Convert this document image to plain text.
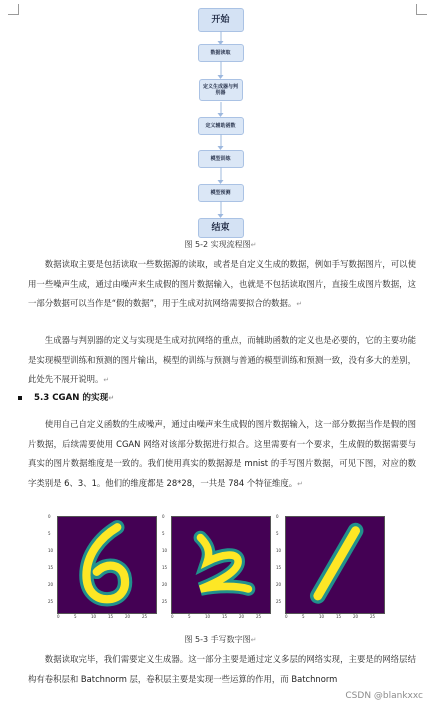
开始
数据读取
定义生成器与判别器
定义辅助函数
模型训练
模型预测
结束
图 5-2 实现流程图↵

数据读取主要是包括读取一些数据源的读取，或者是自定义生成的数据，例如手写数据图片，可以使用一些噪声生成，通过由噪声来生成假的图片数据输入，也就是不包括读取图片，直接生成图片数据，这一部分数据可以当作是“假的数据”，用于生成对抗网络需要拟合的数据。↵

生成器与判别器的定义与实现是生成对抗网络的重点，而辅助函数的定义也是必要的，它的主要功能是实现模型训练和预测的图片输出，模型的训练与预测与普通的模型训练和预测一致，没有多大的差别，此处先不展开说明。↵

5.3 CGAN 的实现↵

使用自己自定义函数的生成噪声，通过由噪声来生成假的图片数据输入，这一部分数据当作是假的图片数据，后续需要使用 CGAN 网络对该部分数据进行拟合。这里需要有一个要求，生成假的数据需要与真实的图片数据维度是一致的。我们使用真实的数据源是 mnist 的手写图片数据，可见下图，对应的数字类别是 6、3、1。他们的维度都是 28*28，一共是 784 个特征维度。↵

0
5
10
15
20
25
0	5	10	15	20	25
0
5
10
15
20
25
0	5	10	15	20	25
0
5
10
15
20
25
0	5	10	15	20	25
图 5-3 手写数字图↵

数据读取完毕，我们需要定义生成器。这一部分主要是通过定义多层的网络实现，主要是的网络层结构有卷积层和 Batchnorm 层，卷积层主要是实现一些运算的作用，而 Batchnorm

CSDN @blankxxc
